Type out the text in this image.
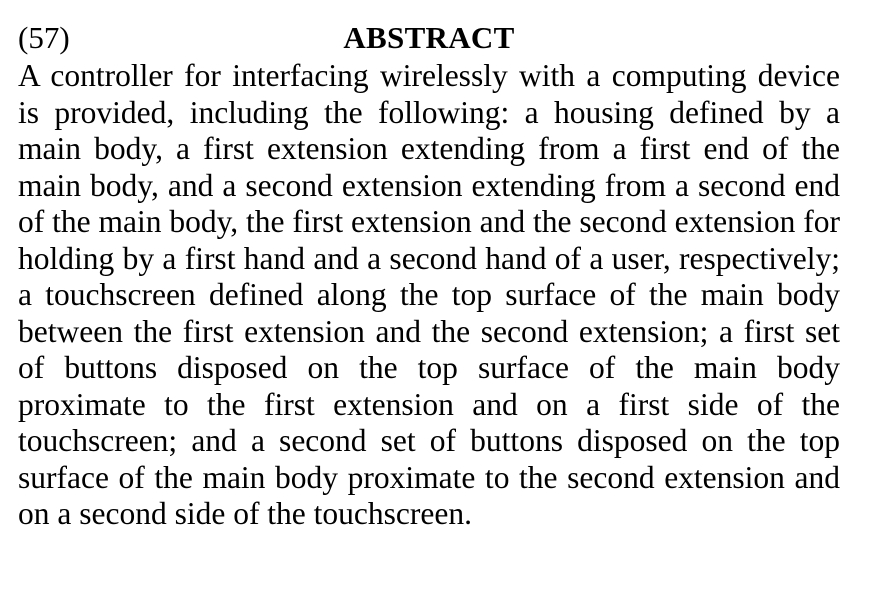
(57)	ABSTRACT

A controller for interfacing wirelessly with a computing device is provided, including the following: a housing defined by a main body, a first extension extending from a first end of the main body, and a second extension extending from a second end of the main body, the first extension and the second extension for holding by a first hand and a second hand of a user, respectively; a touchscreen defined along the top surface of the main body between the first extension and the second extension; a first set of buttons disposed on the top surface of the main body proximate to the first extension and on a first side of the touchscreen; and a second set of buttons disposed on the top surface of the main body proximate to the second extension and on a second side of the touchscreen.
